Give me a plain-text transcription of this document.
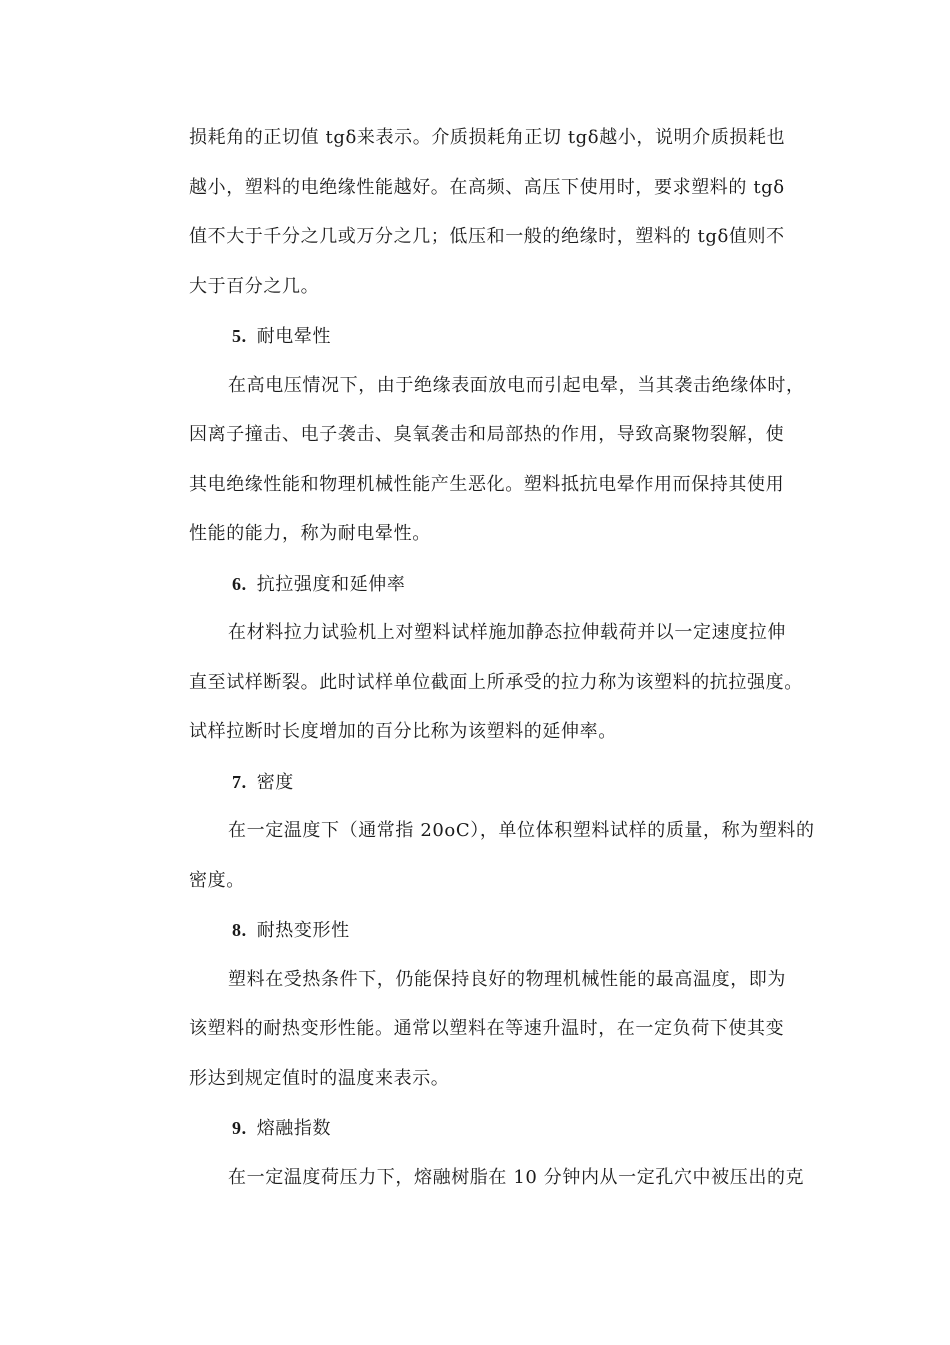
损耗角的正切值 tgδ来表示。介质损耗角正切 tgδ越小，说明介质损耗也
越小，塑料的电绝缘性能越好。在高频、高压下使用时，要求塑料的 tgδ
值不大于千分之几或万分之几；低压和一般的绝缘时，塑料的 tgδ值则不
大于百分之几。
5. 耐电晕性
在高电压情况下，由于绝缘表面放电而引起电晕，当其袭击绝缘体时，
因离子撞击、电子袭击、臭氧袭击和局部热的作用，导致高聚物裂解，使
其电绝缘性能和物理机械性能产生恶化。塑料抵抗电晕作用而保持其使用
性能的能力，称为耐电晕性。
6. 抗拉强度和延伸率
在材料拉力试验机上对塑料试样施加静态拉伸载荷并以一定速度拉伸
直至试样断裂。此时试样单位截面上所承受的拉力称为该塑料的抗拉强度。
试样拉断时长度增加的百分比称为该塑料的延伸率。
7. 密度
在一定温度下（通常指 20oC），单位体积塑料试样的质量，称为塑料的
密度。
8. 耐热变形性
塑料在受热条件下，仍能保持良好的物理机械性能的最高温度，即为
该塑料的耐热变形性能。通常以塑料在等速升温时，在一定负荷下使其变
形达到规定值时的温度来表示。
9. 熔融指数
在一定温度荷压力下，熔融树脂在 10 分钟内从一定孔穴中被压出的克
